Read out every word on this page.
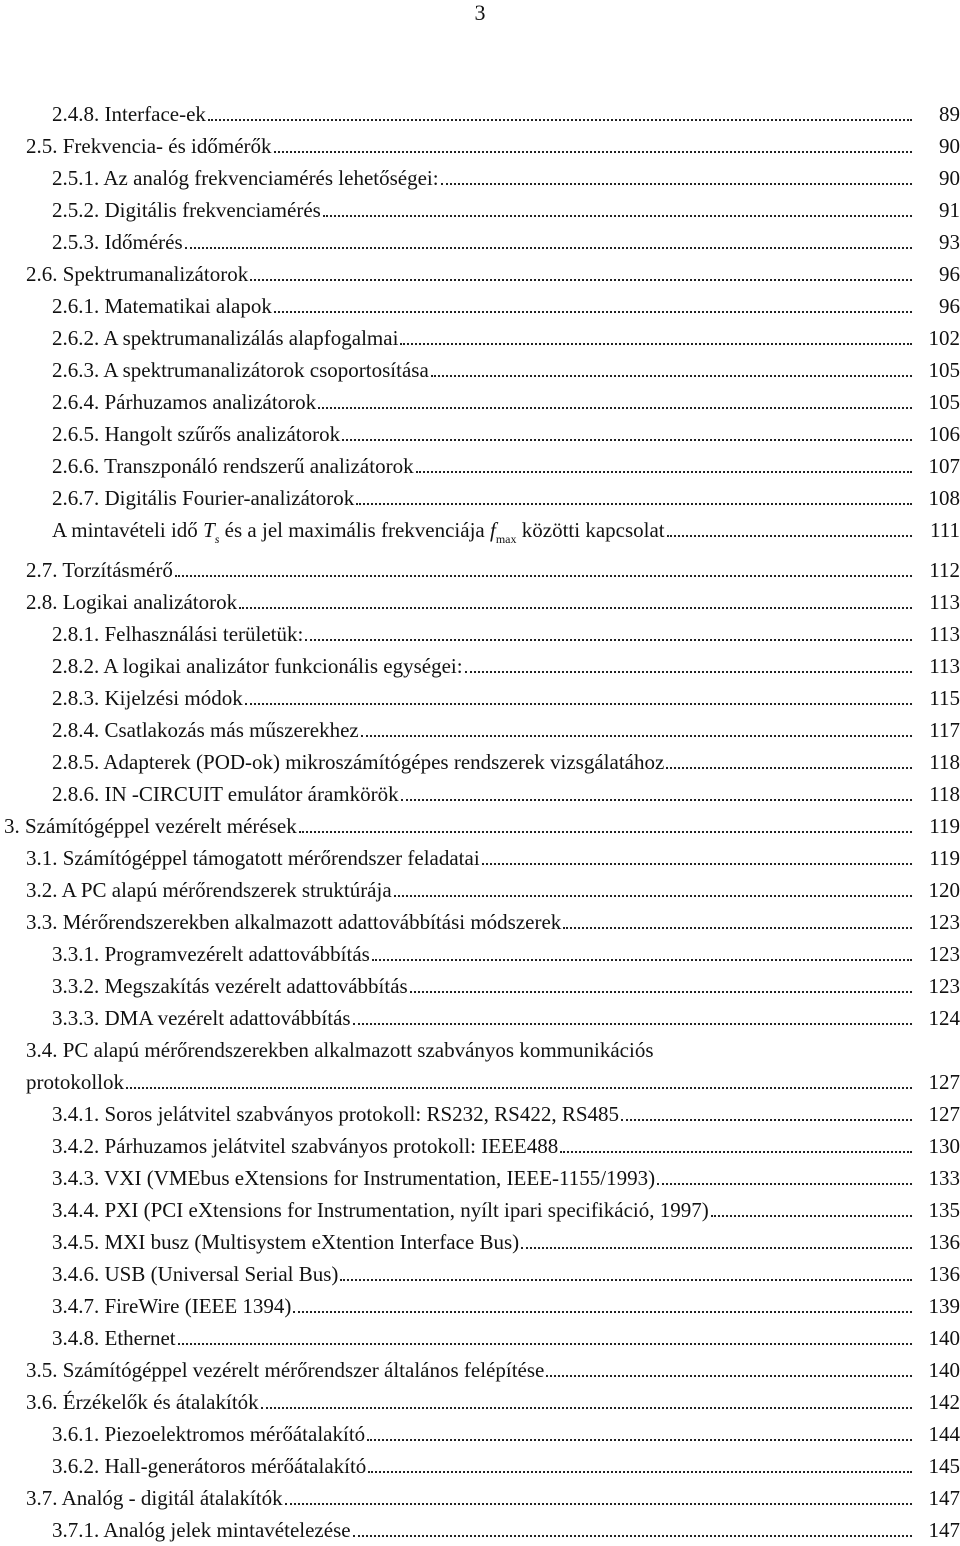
3
2.4.8. Interface-ek	89
2.5. Frekvencia- és időmérők	90
2.5.1. Az analóg frekvenciamérés lehetőségei:	90
2.5.2. Digitális frekvenciamérés	91
2.5.3. Időmérés	93
2.6. Spektrumanalizátorok	96
2.6.1. Matematikai alapok	96
2.6.2. A spektrumanalizálás alapfogalmai	102
2.6.3. A spektrumanalizátorok csoportosítása	105
2.6.4. Párhuzamos analizátorok	105
2.6.5. Hangolt szűrős analizátorok	106
2.6.6. Transzponáló rendszerű analizátorok	107
2.6.7. Digitális Fourier-analizátorok	108
A mintavételi idő $T_s$ és a jel maximális frekvenciája $f_{max}$ közötti kapcsolat	111
2.7. Torzításmérő	112
2.8. Logikai analizátorok	113
2.8.1. Felhasználási területük:	113
2.8.2. A logikai analizátor funkcionális egységei:	113
2.8.3. Kijelzési módok	115
2.8.4. Csatlakozás más műszerekhez	117
2.8.5. Adapterek (POD-ok) mikroszámítógépes rendszerek vizsgálatához	118
2.8.6. IN -CIRCUIT emulátor áramkörök	118
3. Számítógéppel vezérelt mérések	119
3.1. Számítógéppel támogatott mérőrendszer feladatai	119
3.2. A PC alapú mérőrendszerek struktúrája	120
3.3. Mérőrendszerekben alkalmazott adattovábbítási módszerek	123
3.3.1. Programvezérelt adattovábbítás	123
3.3.2. Megszakítás vezérelt adattovábbítás	123
3.3.3. DMA vezérelt adattovábbítás	124
3.4. PC alapú mérőrendszerekben alkalmazott szabványos kommunikációs
protokollok	127
3.4.1. Soros jelátvitel szabványos protokoll: RS232, RS422, RS485	127
3.4.2. Párhuzamos jelátvitel szabványos protokoll: IEEE488	130
3.4.3. VXI (VMEbus eXtensions for Instrumentation, IEEE-1155/1993)	133
3.4.4. PXI (PCI eXtensions for Instrumentation, nyílt ipari specifikáció, 1997)	135
3.4.5. MXI busz (Multisystem eXtention Interface Bus)	136
3.4.6. USB (Universal Serial Bus)	136
3.4.7. FireWire (IEEE 1394)	139
3.4.8. Ethernet	140
3.5. Számítógéppel vezérelt mérőrendszer általános felépítése	140
3.6. Érzékelők és átalakítók	142
3.6.1. Piezoelektromos mérőátalakító	144
3.6.2. Hall-generátoros mérőátalakító	145
3.7. Analóg - digitál átalakítók	147
3.7.1. Analóg jelek mintavételezése	147
